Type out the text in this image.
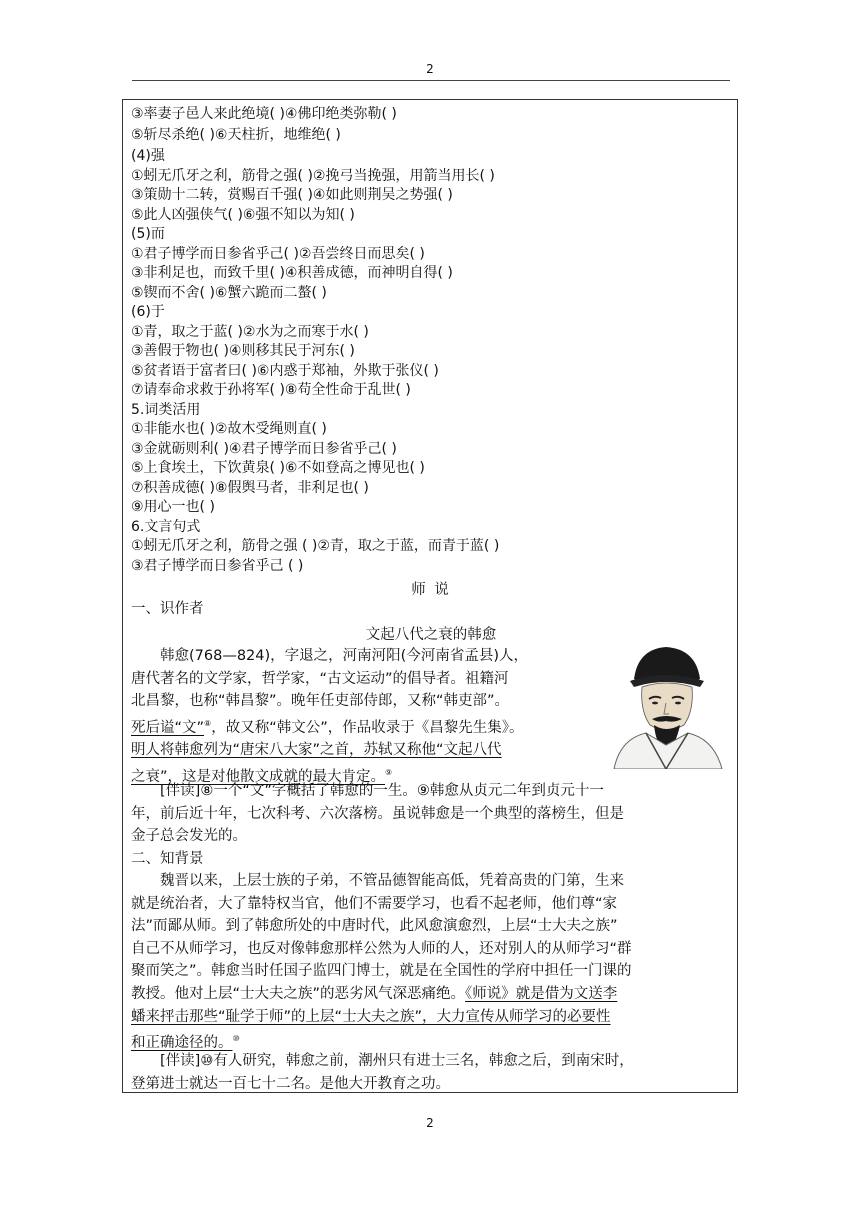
2
③率妻子邑人来此绝境( )④佛印绝类弥勒( )
⑤斩尽杀绝( )⑥天柱折，地维绝( )
(4)强
①蚓无爪牙之利，筋骨之强( )②挽弓当挽强，用箭当用长( )
③策勋十二转，赏赐百千强( )④如此则荆吴之势强( )
⑤此人凶强侠气( )⑥强不知以为知( )
(5)而
①君子博学而日参省乎己( )②吾尝终日而思矣( )
③非利足也，而致千里( )④积善成德，而神明自得( )
⑤锲而不舍( )⑥蟹六跪而二螯( )
(6)于
①青，取之于蓝( )②水为之而寒于水( )
③善假于物也( )④则移其民于河东( )
⑤贫者语于富者曰( )⑥内惑于郑袖，外欺于张仪( )
⑦请奉命求救于孙将军( )⑧苟全性命于乱世( )
5.词类活用
①非能水也( )②故木受绳则直( )
③金就砺则利( )④君子博学而日参省乎己( )
⑤上食埃土，下饮黄泉( )⑥不如登高之博见也( )
⑦积善成德( )⑧假舆马者，非利足也( )
⑨用心一也( )
6.文言句式
①蚓无爪牙之利，筋骨之强 ( )②青，取之于蓝，而青于蓝( )
③君子博学而日参省乎己 ( )
师 说
一、识作者
文起八代之衰的韩愈
韩愈(768—824)，字退之，河南河阳(今河南省孟县)人，
唐代著名的文学家，哲学家，“古文运动”的倡导者。祖籍河
北昌黎，也称“韩昌黎”。晚年任吏部侍郎，又称“韩吏部”。
死后谥“文”⑧，故又称“韩文公”，作品收录于《昌黎先生集》。
明人将韩愈列为“唐宋八大家”之首，苏轼又称他“文起八代
之衰”，这是对他散文成就的最大肯定。⑨
[伴读]⑧一个“文”字概括了韩愈的一生。⑨韩愈从贞元二年到贞元十一
年，前后近十年，七次科考、六次落榜。虽说韩愈是一个典型的落榜生，但是
金子总会发光的。
二、知背景
魏晋以来，上层士族的子弟，不管品德智能高低，凭着高贵的门第，生来
就是统治者，大了靠特权当官，他们不需要学习，也看不起老师，他们尊“家
法”而鄙从师。到了韩愈所处的中唐时代，此风愈演愈烈，上层“士大夫之族”
自己不从师学习，也反对像韩愈那样公然为人师的人，还对别人的从师学习“群
聚而笑之”。韩愈当时任国子监四门博士，就是在全国性的学府中担任一门课的
教授。他对上层“士大夫之族”的恶劣风气深恶痛绝。《师说》就是借为文送李
蟠来抨击那些“耻学于师”的上层“士大夫之族”，大力宣传从师学习的必要性
和正确途径的。⑩
[伴读]⑩有人研究，韩愈之前，潮州只有进士三名，韩愈之后，到南宋时，
登第进士就达一百七十二名。是他大开教育之功。
2
